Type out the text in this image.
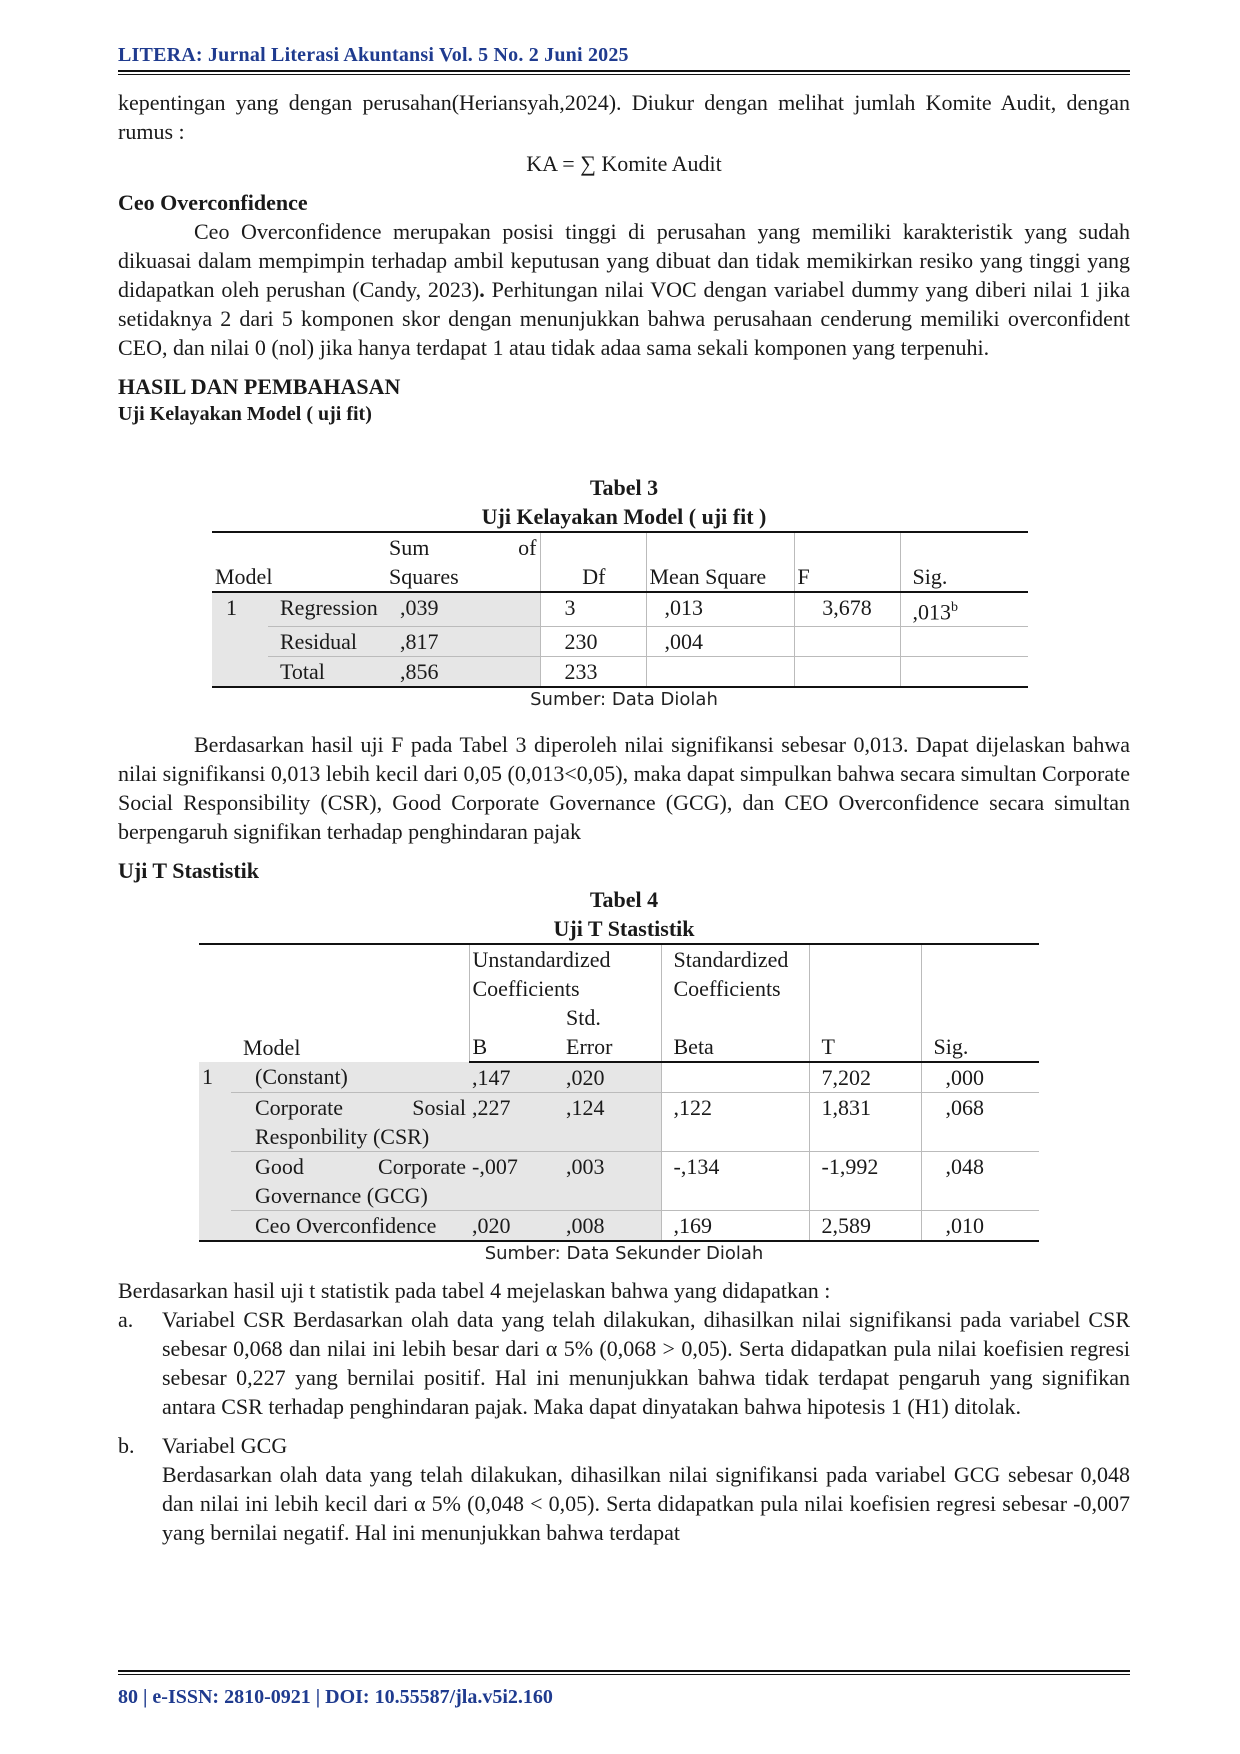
LITERA: Jurnal Literasi Akuntansi Vol. 5 No. 2 Juni 2025

kepentingan yang dengan perusahan(Heriansyah,2024). Diukur dengan melihat jumlah Komite Audit, dengan rumus :

KA = ∑ Komite Audit
Ceo Overconfidence

Ceo Overconfidence merupakan posisi tinggi di perusahan yang memiliki karakteristik yang sudah dikuasai dalam mempimpin terhadap ambil keputusan yang dibuat dan tidak memikirkan resiko yang tinggi yang didapatkan oleh perushan (Candy, 2023). Perhitungan nilai VOC dengan variabel dummy yang diberi nilai 1 jika setidaknya 2 dari 5 komponen skor dengan menunjukkan bahwa perusahaan cenderung memiliki overconfident CEO, dan nilai 0 (nol) jika hanya terdapat 1 atau tidak adaa sama sekali komponen yang terpenuhi.

HASIL DAN PEMBAHASAN
Uji Kelayakan Model ( uji fit)
Tabel 3
Uji Kelayakan Model ( uji fit )
Model		Sum of
Squares	Df	Mean Square	F	Sig.
1	Regression	,039	3	,013	3,678	,013$^b$
	Residual	,817	230	,004		
	Total	,856	233			
Sumber: Data Diolah

Berdasarkan hasil uji F pada Tabel 3 diperoleh nilai signifikansi sebesar 0,013. Dapat dijelaskan bahwa nilai signifikansi 0,013 lebih kecil dari 0,05 (0,013<0,05), maka dapat simpulkan bahwa secara simultan Corporate Social Responsibility (CSR), Good Corporate Governance (GCG), dan CEO Overconfidence secara simultan berpengaruh signifikan terhadap penghindaran pajak

Uji T Stastistik
Tabel 4
Uji T Stastistik
Model		Unstandardized Coefficients		Standardized Coefficients		
		B	Std.
Error	Beta	T	Sig.
1	(Constant)	,147	,020		7,202	,000

	Corporate Sosial
Responbility (CSR)	,227	,124	,122	1,831	,068

	Good Corporate
Governance (GCG)	-,007	,003	-,134	-1,992	,048
	Ceo Overconfidence	,020	,008	,169	2,589	,010
Sumber: Data Sekunder Diolah

Berdasarkan hasil uji t statistik pada tabel 4 mejelaskan bahwa yang didapatkan :

a.	Variabel CSR Berdasarkan olah data yang telah dilakukan, dihasilkan nilai signifikansi pada variabel CSR sebesar 0,068 dan nilai ini lebih besar dari α 5% (0,068 > 0,05). Serta didapatkan pula nilai koefisien regresi sebesar 0,227 yang bernilai positif. Hal ini menunjukkan bahwa tidak terdapat pengaruh yang signifikan antara CSR terhadap penghindaran pajak. Maka dapat dinyatakan bahwa hipotesis 1 (H1) ditolak.
b.	Variabel GCG
Berdasarkan olah data yang telah dilakukan, dihasilkan nilai signifikansi pada variabel GCG sebesar 0,048 dan nilai ini lebih kecil dari α 5% (0,048 < 0,05). Serta didapatkan pula nilai koefisien regresi sebesar -0,007 yang bernilai negatif. Hal ini menunjukkan bahwa terdapat
80 | e-ISSN: 2810-0921 | DOI: 10.55587/jla.v5i2.160
